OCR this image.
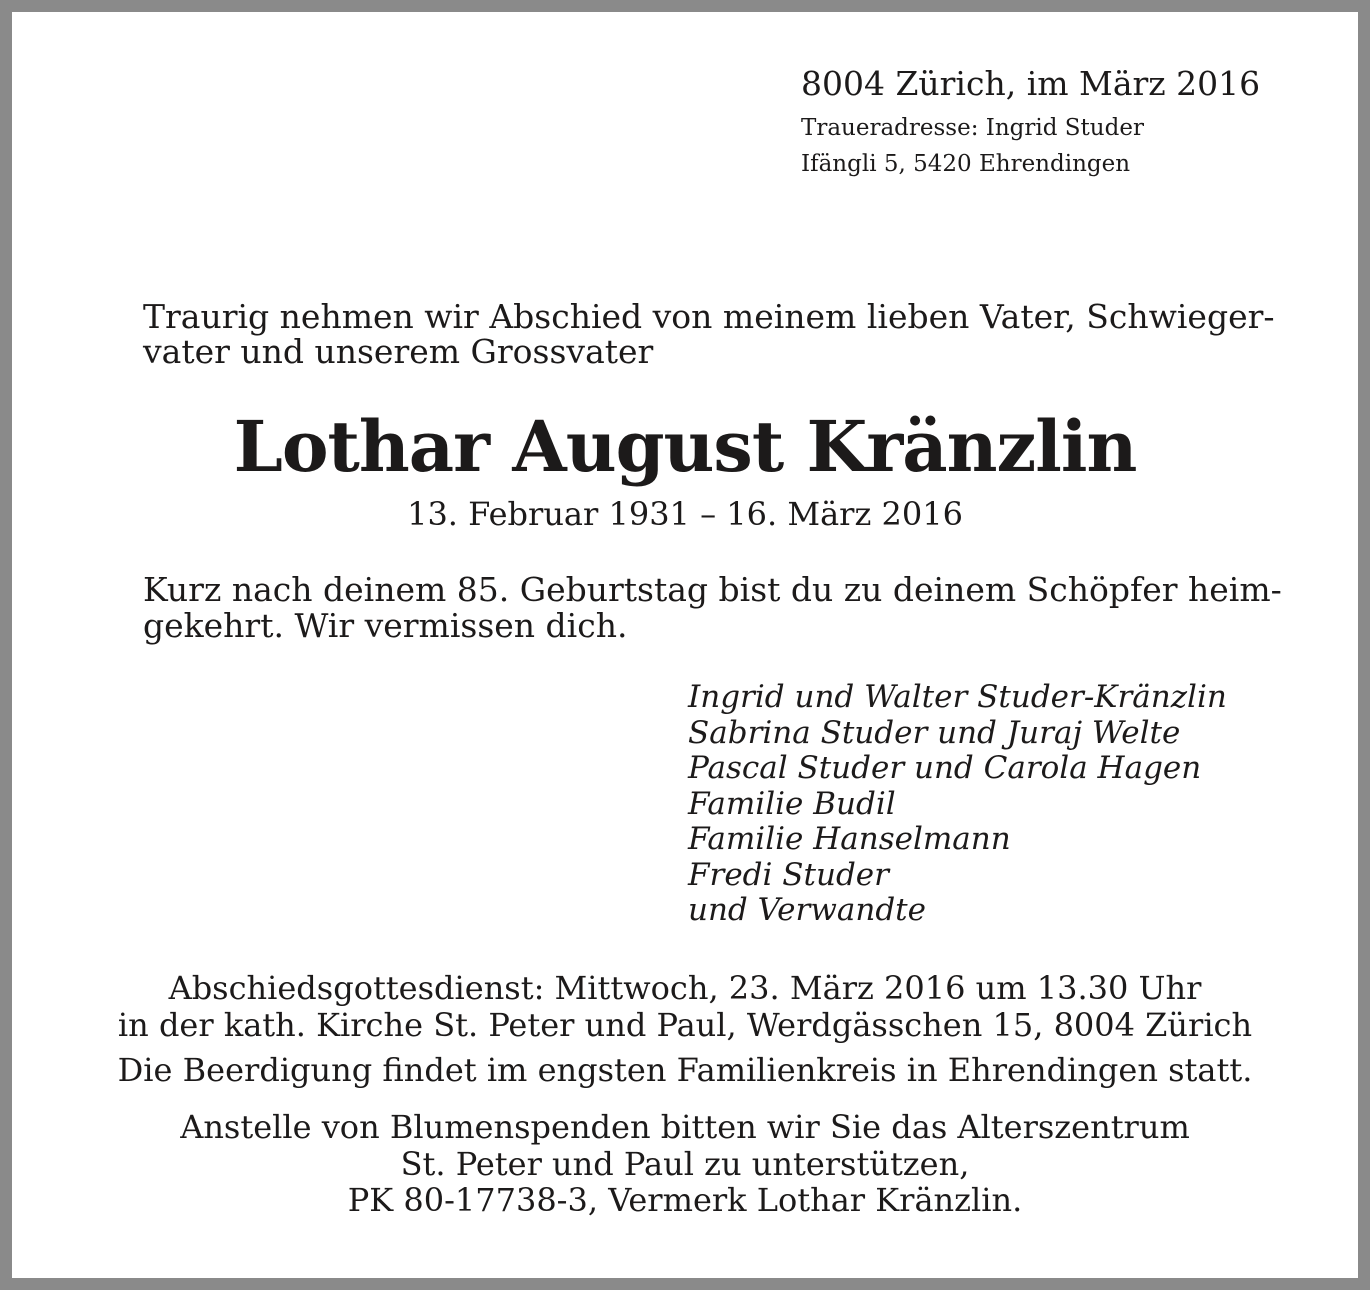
8004 Zürich, im März 2016

Traueradresse: Ingrid Studer

Ifängli 5, 5420 Ehrendingen

Traurig nehmen wir Abschied von meinem lieben Vater, Schwieger-

vater und unserem Grossvater

Lothar August Kränzlin

13. Februar 1931 – 16. März 2016

Kurz nach deinem 85. Geburtstag bist du zu deinem Schöpfer heim-

gekehrt. Wir vermissen dich.

Ingrid und Walter Studer-Kränzlin
Sabrina Studer und Juraj Welte
Pascal Studer und Carola Hagen
Familie Budil
Familie Hanselmann
Fredi Studer
und Verwandte

Abschiedsgottesdienst: Mittwoch, 23. März 2016 um 13.30 Uhr

in der kath. Kirche St. Peter und Paul, Werdgässchen 15, 8004 Zürich

Die Beerdigung findet im engsten Familienkreis in Ehrendingen statt.

Anstelle von Blumenspenden bitten wir Sie das Alterszentrum

St. Peter und Paul zu unterstützen,

PK 80-17738-3, Vermerk Lothar Kränzlin.
